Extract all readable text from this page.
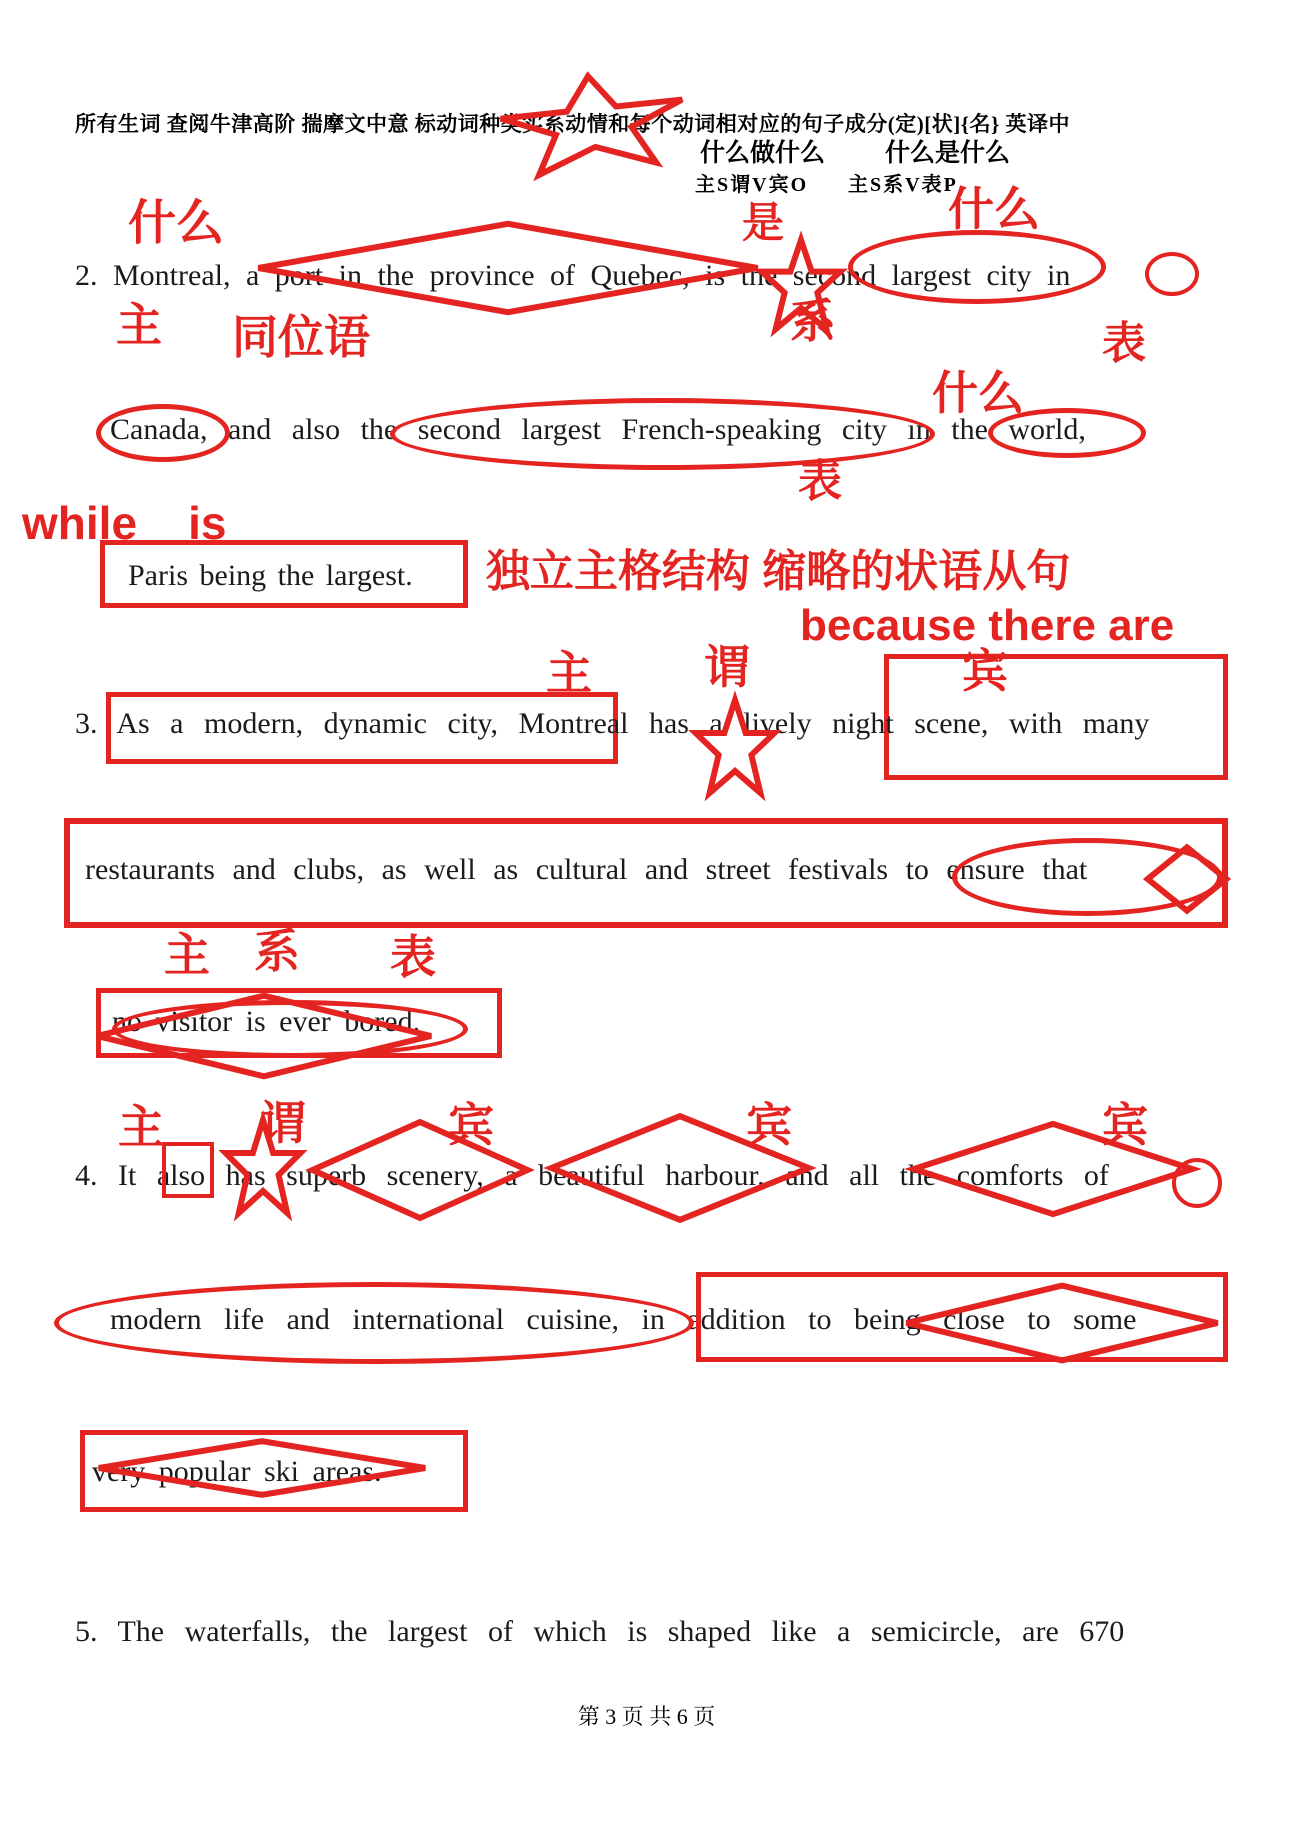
所有生词 查阅牛津高阶 揣摩文中意 标动词种类实系动情和每个动词相对应的句子成分(定)[状]{名} 英译中
什么做什么 什么是什么
主S谓V宾O 主S系V表P
什么	是	什么
2. Montreal, a port in the province of Quebec, is the second largest city in
主 同位语	系	表
什么
Canada, and also the second largest French-speaking city in the world,
表
while    is
Paris being the largest. 独立主格结构 缩略的状语从句
because there are
主 谓	宾
3. As a modern, dynamic city, Montreal has a lively night scene, with many
restaurants and clubs, as well as cultural and street festivals to ensure that
主 系 表
no visitor is ever bored.
主 谓	宾	宾	宾
4. It also has superb scenery, a beautiful harbour, and all the comforts of
modern life and international cuisine, in addition to being close to some
very popular ski areas.
5. The waterfalls, the largest of which is shaped like a semicircle, are 670
第 3 页 共 6 页
